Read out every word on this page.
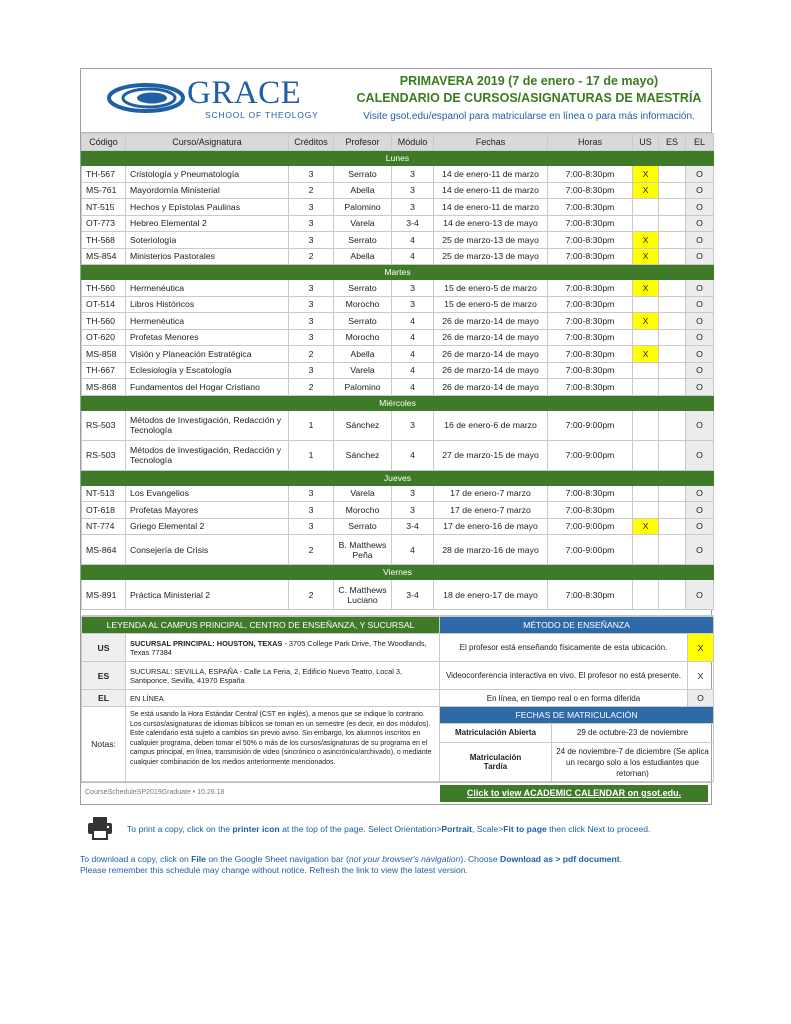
GRACE
SCHOOL OF THEOLOGY
PRIMAVERA 2019 (7 de enero - 17 de mayo)
CALENDARIO DE CURSOS/ASIGNATURAS DE MAESTRÍA
Visite gsot.edu/espanol para matricularse en línea o para más información.
Código	Curso/Asignatura	Créditos	Profesor	Módulo	Fechas	Horas	US	ES	EL
Lunes									
TH-567	Cristología y Pneumatología	3	Serrato	3	14 de enero-11 de marzo	7:00-8:30pm	X		O
MS-761	Mayordomía Ministerial	2	Abella	3	14 de enero-11 de marzo	7:00-8:30pm	X		O
NT-515	Hechos y Epístolas Paulinas	3	Palomino	3	14 de enero-11 de marzo	7:00-8:30pm			O
OT-773	Hebreo Elemental 2	3	Varela	3-4	14 de enero-13 de mayo	7:00-8:30pm			O
TH-568	Soteriología	3	Serrato	4	25 de marzo-13 de mayo	7:00-8:30pm	X		O
MS-854	Ministerios Pastorales	2	Abella	4	25 de marzo-13 de mayo	7:00-8:30pm	X		O
Martes									
TH-560	Hermenéutica	3	Serrato	3	15 de enero-5 de marzo	7:00-8:30pm	X		O
OT-514	Libros Históricos	3	Morocho	3	15 de enero-5 de marzo	7:00-8:30pm			O
TH-560	Hermenéutica	3	Serrato	4	26 de marzo-14 de mayo	7:00-8:30pm	X		O
OT-620	Profetas Menores	3	Morocho	4	26 de marzo-14 de mayo	7:00-8:30pm			O
MS-858	Visión y Planeación Estratégica	2	Abella	4	26 de marzo-14 de mayo	7:00-8:30pm	X		O
TH-667	Eclesiología y Escatología	3	Varela	4	26 de marzo-14 de mayo	7:00-8:30pm			O
MS-868	Fundamentos del Hogar Cristiano	2	Palomino	4	26 de marzo-14 de mayo	7:00-8:30pm			O
Miércoles									
RS-503	Métodos de Investigación, Redacción y Tecnología	1	Sánchez	3	16 de enero-6 de marzo	7:00-9:00pm			O
RS-503	Métodos de Investigación, Redacción y Tecnología	1	Sánchez	4	27 de marzo-15 de mayo	7:00-9:00pm			O
Jueves									
NT-513	Los Evangelios	3	Varela	3	17 de enero-7 marzo	7:00-8:30pm			O
OT-618	Profetas Mayores	3	Morocho	3	17 de enero-7 marzo	7:00-8:30pm			O
NT-774	Griego Elemental 2	3	Serrato	3-4	17 de enero-16 de mayo	7:00-9:00pm	X		O
MS-864	Consejería de Crisis	2	B. Matthews Peña	4	28 de marzo-16 de mayo	7:00-9:00pm			O
Viernes									
MS-891	Práctica Ministerial 2	2	C. Matthews Luciano	3-4	18 de enero-17 de mayo	7:00-8:30pm			O

LEYENDA AL CAMPUS PRINCIPAL, CENTRO DE ENSEÑANZA, Y SUCURSAL		MÉTODO DE ENSEÑANZA	
US	SUCURSAL PRINCIPAL: HOUSTON, TEXAS - 3705 College Park Drive, The Woodlands, Texas 77384	El profesor está enseñando físicamente de esta ubicación.	X
ES	SUCURSAL: SEVILLA, ESPAÑA - Calle La Feria, 2, Edificio Nuevo Teatro, Local 3, Santiponce, Sevilla, 41970 España	Videoconferencia interactiva en vivo. El profesor no está presente.	X
EL	EN LÍNEA	En línea, en tiempo real o en forma diferida	O
Notas:	Se está usando la Hora Estándar Central (CST en inglés), a menos que se indique lo contrario. Los cursos/asignaturas de idiomas bíblicos se toman en un semestre (es decir, en dos módulos). Este calendario está sujeto a cambios sin previo aviso. Sin embargo, los alumnos inscritos en cualquier programa, deben tomar el 50% o más de los cursos/asignaturas de su programa en el campus principal, en línea, transmisión de video (sincrónico o asincrónico/archivado), o mediante cualquier combinación de los medios anteriormente mencionados.	FECHAS DE MATRICULACIÓN	

		Matriculación Abierta 29 de octubre-23 de noviembre	

Matriculación Tardía
24 de noviembre-7 de diciembre (Se aplica un recargo solo a los estudiantes que retornan)	
CourseScheduleSP2019Graduate • 10.26.18	Click to view ACADEMIC CALENDAR on gsot.edu.
To print a copy, click on the printer icon at the top of the page. Select Orientation>Portrait, Scale>Fit to page then click Next to proceed.
To download a copy, click on File on the Google Sheet navigation bar (not your browser's navigation). Choose Download as > pdf document.
Please remember this schedule may change without notice. Refresh the link to view the latest version.
